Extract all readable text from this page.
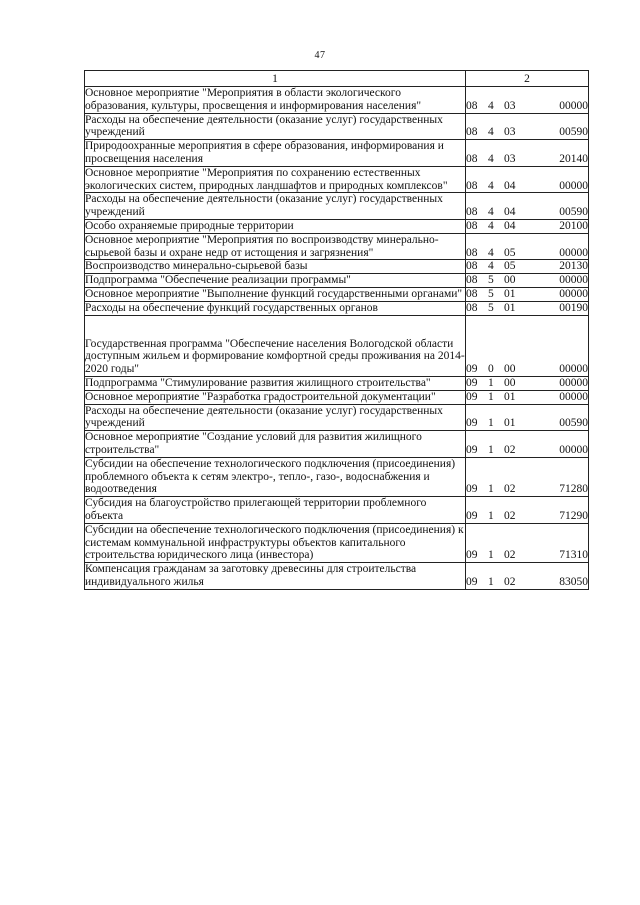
47
1	2
Основное мероприятие "Мероприятия в области экологического образования, культуры, просвещения и информирования населения"	08 4 03 00000

Расходы на обеспечение деятельности (оказание услуг) государственных учреждений	08 4 03 00590

Природоохранные мероприятия в сфере образования, информирования и просвещения населения	08 4 03 20140

Основное мероприятие "Мероприятия по сохранению естественных экологических систем, природных ландшафтов и природных комплексов"	08 4 04 00000

Расходы на обеспечение деятельности (оказание услуг) государственных учреждений	08 4 04 00590

Особо охраняемые природные территории	08 4 04 20100

Основное мероприятие "Мероприятия по воспроизводству минерально-сырьевой базы и охране недр от истощения и загрязнения"	08 4 05 00000

Воспроизводство минерально-сырьевой базы	08 4 05 20130

Подпрограмма "Обеспечение реализации программы"	08 5 00 00000

Основное мероприятие "Выполнение функций государственными органами"	08 5 01 00000

Расходы на обеспечение функций государственных органов	08 5 01 00190

Государственная программа "Обеспечение населения Вологодской области доступным жильем и формирование комфортной среды проживания на 2014-2020 годы"	09 0 00 00000

Подпрограмма "Стимулирование развития жилищного строительства"	09 1 00 00000

Основное мероприятие "Разработка градостроительной документации"	09 1 01 00000

Расходы на обеспечение деятельности (оказание услуг) государственных учреждений	09 1 01 00590

Основное мероприятие "Создание условий для развития жилищного строительства"	09 1 02 00000

Субсидии на обеспечение технологического подключения (присоединения) проблемного объекта к сетям электро-, тепло-, газо-, водоснабжения и водоотведения	09 1 02 71280

Субсидия на благоустройство прилегающей территории проблемного объекта	09 1 02 71290

Субсидии на обеспечение технологического подключения (присоединения) к системам коммунальной инфраструктуры объектов капитального строительства юридического лица (инвестора)	09 1 02 71310

Компенсация гражданам за заготовку древесины для строительства индивидуального жилья	09 1 02 83050
